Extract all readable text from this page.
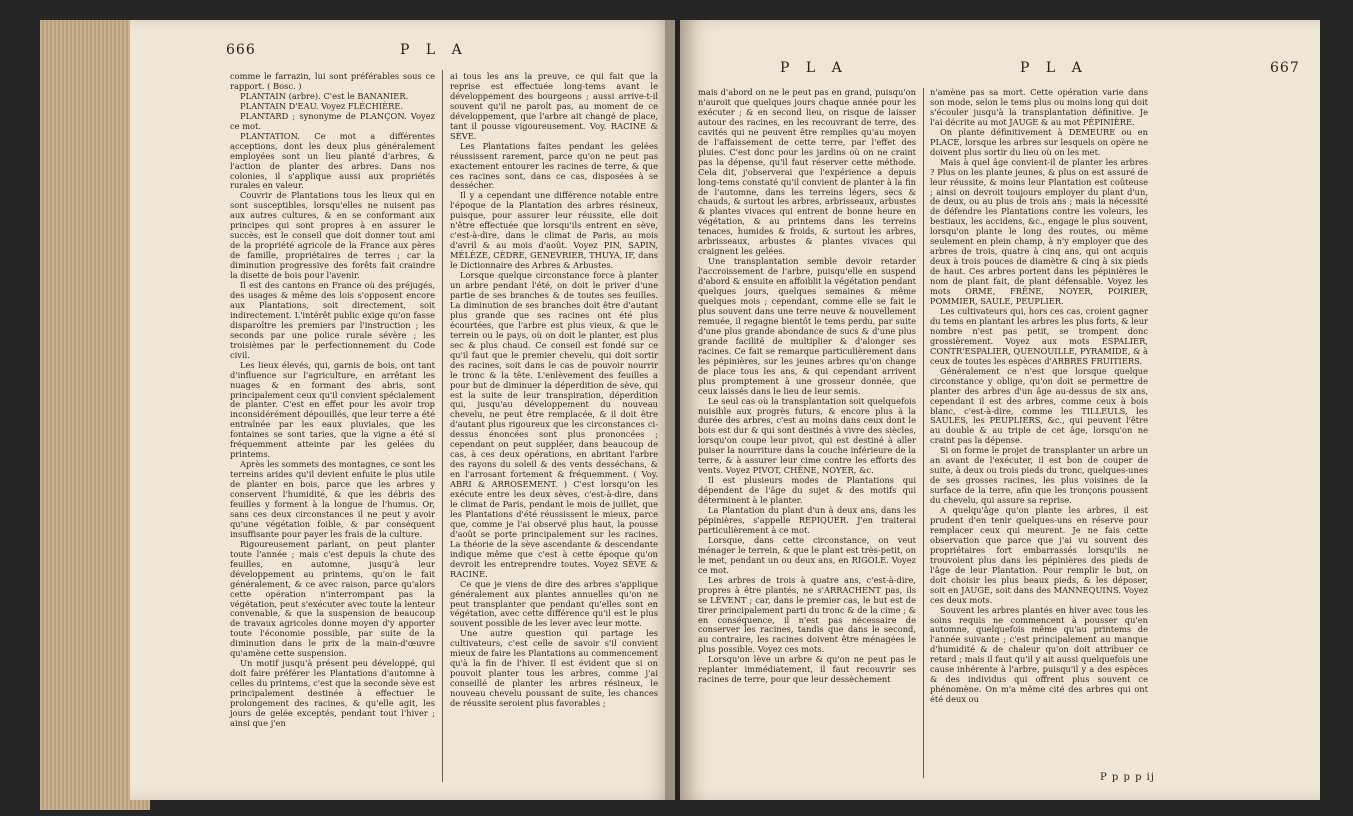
666	P L A

comme le farrazin, lui sont préférables sous ce rapport. ( Bosc. )

PLANTAIN (arbre). C'est le BANANIER.

PLANTAIN D'EAU. Voyez FLÉCHIÈRE.

PLANTARD ; synonyme de PLANÇON. Voyez ce mot.

PLANTATION. Ce mot a différentes acceptions, dont les deux plus généralement employées sont un lieu planté d'arbres, & l'action de planter des arbres. Dans nos colonies, il s'applique aussi aux propriétés rurales en valeur.

Couvrir de Plantations tous les lieux qui en sont susceptibles, lorsqu'elles ne nuisent pas aux autres cultures, & en se conformant aux principes qui sont propres à en assurer le succès, est le conseil que doit donner tout ami de la propriété agricole de la France aux pères de famille, propriétaires de terres ; car la diminution progressive des forêts fait craindre la disette de bois pour l'avenir.

Il est des cantons en France où des préjugés, des usages & même des lois s'opposent encore aux Plantations, soit directement, soit indirectement. L'intérêt public exige qu'on fasse disparoître les premiers par l'instruction ; les seconds par une police rurale sévère ; les troisièmes par le perfectionnement du Code civil.

Les lieux élevés, qui, garnis de bois, ont tant d'influence sur l'agriculture, en arrêtant les nuages & en formant des abris, sont principalement ceux qu'il convient spécialement de planter. C'est en effet pour les avoir trop inconsidérément dépouillés, que leur terre a été entraînée par les eaux pluviales, que les fontaines se sont taries, que la vigne a été si fréquemment atteinte par les gelées du printems.

Après les sommets des montagnes, ce sont les terreins arides qu'il devient enfuite le plus utile de planter en bois, parce que les arbres y conservent l'humidité, & que les débris des feuilles y forment à la longue de l'humus. Or, sans ces deux circonstances il ne peut y avoir qu'une végétation foible, & par conséquent insuffisante pour payer les frais de la culture.

Rigoureusement parlant, on peut planter toute l'année ; mais c'est depuis la chute des feuilles, en automne, jusqu'à leur développement au printems, qu'on le fait généralement, & ce avec raison, parce qu'alors cette opération n'interrompant pas la végétation, peut s'exécuter avec toute la lenteur convenable, & que la suspension de beaucoup de travaux agricoles donne moyen d'y apporter toute l'économie possible, par suite de la diminution dans le prix de la main-d'œuvre qu'amène cette suspension.

Un motif jusqu'à présent peu développé, qui doit faire préférer les Plantations d'automne à celles du printems, c'est que la seconde sève est principalement destinée à effectuer le prolongement des racines, & qu'elle agit, les jours de gelée exceptés, pendant tout l'hiver ; ainsi que j'en

ai tous les ans la preuve, ce qui fait que la reprise est effectuée long-tems avant le développement des bourgeons ; aussi arrive-t-il souvent qu'il ne paroît pas, au moment de ce développement, que l'arbre ait changé de place, tant il pousse vigoureusement. Voy. RACINE & SÈVE.

Les Plantations faites pendant les gelées réussissent rarement, parce qu'on ne peut pas exactement entourer les racines de terre, & que ces racines sont, dans ce cas, disposées à se dessécher.

Il y a cependant une différence notable entre l'époque de la Plantation des arbres résineux, puisque, pour assurer leur réussite, elle doit n'être effectuée que lorsqu'ils entrent en sève, c'est-à-dire, dans le climat de Paris, au mois d'avril & au mois d'août. Voyez PIN, SAPIN, MÉLÈZE, CÈDRE, GENEVRIER, THUYA, IF, dans le Dictionnaire des Arbres & Arbustes.

Lorsque quelque circonstance force à planter un arbre pendant l'été, on doit le priver d'une partie de ses branches & de toutes ses feuilles. La diminution de ses branches doit être d'autant plus grande que ses racines ont été plus écourtées, que l'arbre est plus vieux, & que le terrein ou le pays, où on doit le planter, est plus sec & plus chaud. Ce conseil est fondé sur ce qu'il faut que le premier chevelu, qui doit sortir des racines, soit dans le cas de pouvoir nourrir le tronc & la tête. L'enlèvement des feuilles a pour but de diminuer la déperdition de sève, qui est la suite de leur transpiration, déperdition qui, jusqu'au développement du nouveau chevelu, ne peut être remplacée, & il doit être d'autant plus rigoureux que les circonstances ci-dessus énoncées sont plus prononcées ; cependant on peut suppléer, dans beaucoup de cas, à ces deux opérations, en abritant l'arbre des rayons du soleil & des vents desséchans, & en l'arrosant fortement & fréquemment. ( Voy. ABRI & ARROSEMENT. ) C'est lorsqu'on les exécute entre les deux sèves, c'est-à-dire, dans le climat de Paris, pendant le mois de juillet, que les Plantations d'été réussissent le mieux, parce que, comme je l'ai observé plus haut, la pousse d'août se porte principalement sur les racines. La théorie de la sève ascendante & descendante indique même que c'est à cette époque qu'on devroit les entreprendre toutes. Voyez SÈVE & RACINE.

Ce que je viens de dire des arbres s'applique généralement aux plantes annuelles qu'on ne peut transplanter que pendant qu'elles sont en végétation, avec cette différence qu'il est le plus souvent possible de les lever avec leur motte.

Une autre question qui partage les cultivateurs, c'est celle de savoir s'il convient mieux de faire les Plantations au commencement qu'à la fin de l'hiver. Il est évident que si on pouvoit planter tous les arbres, comme j'ai conseillé de planter les arbres résineux, le nouveau chevelu poussant de suite, les chances de réussite seroient plus favorables ;

P L A	P L A	667

mais d'abord on ne le peut pas en grand, puisqu'on n'auroit que quelques jours chaque année pour les exécuter ; & en second lieu, on risque de laisser autour des racines, en les recouvrant de terre, des cavités qui ne peuvent être remplies qu'au moyen de l'affaissement de cette terre, par l'effet des pluies. C'est donc pour les jardins où on ne craint pas la dépense, qu'il faut réserver cette méthode. Cela dit, j'observerai que l'expérience a depuis long-tems constaté qu'il convient de planter à la fin de l'automne, dans les terreins légers, secs & chauds, & surtout les arbres, arbrisseaux, arbustes & plantes vivaces qui entrent de bonne heure en végétation, & au printems dans les terreins tenaces, humides & froids, & surtout les arbres, arbrisseaux, arbustes & plantes vivaces qui craignent les gelées.

Une transplantation semble devoir retarder l'accroissement de l'arbre, puisqu'elle en suspend d'abord & ensuite en affoiblit la végétation pendant quelques jours, quelques semaines & même quelques mois ; cependant, comme elle se fait le plus souvent dans une terre neuve & nouvellement remuée, il regagne bientôt le tems perdu, par suite d'une plus grande abondance de sucs & d'une plus grande facilité de multiplier & d'alonger ses racines. Ce fait se remarque particulièrement dans les pépinières, sur les jeunes arbres qu'on change de place tous les ans, & qui cependant arrivent plus promptement à une grosseur donnée, que ceux laissés dans le lieu de leur semis.

Le seul cas où la transplantation soit quelquefois nuisible aux progrès futurs, & encore plus à la durée des arbres, c'est au moins dans ceux dont le bois est dur & qui sont destinés à vivre des siècles, lorsqu'on coupe leur pivot, qui est destiné à aller puiser la nourriture dans la couche inférieure de la terre, & à assurer leur cime contre les efforts des vents. Voyez PIVOT, CHÊNE, NOYER, &c.

Il est plusieurs modes de Plantations qui dépendent de l'âge du sujet & des motifs qui déterminent à le planter.

La Plantation du plant d'un à deux ans, dans les pépinières, s'appelle REPIQUER. J'en traiterai particulièrement à ce mot.

Lorsque, dans cette circonstance, on veut ménager le terrein, & que le plant est très-petit, on le met, pendant un ou deux ans, en RIGOLE. Voyez ce mot.

Les arbres de trois à quatre ans, c'est-à-dire, propres à être plantés, ne s'ARRACHENT pas, ils se LÈVENT ; car, dans le premier cas, le but est de tirer principalement parti du tronc & de la cime ; & en conséquence, il n'est pas nécessaire de conserver les racines, tandis que dans le second, au contraire, les racines doivent être ménagées le plus possible. Voyez ces mots.

Lorsqu'on lève un arbre & qu'on ne peut pas le replanter immédiatement, il faut recouvrir ses racines de terre, pour que leur dessèchement

n'amène pas sa mort. Cette opération varie dans son mode, selon le tems plus ou moins long qui doit s'écouler jusqu'à la transplantation définitive. Je l'ai décrite au mot JAUGE & au mot PÉPINIÈRE.

On plante définitivement à DEMEURE ou en PLACE, lorsque les arbres sur lesquels on opère ne doivent plus sortir du lieu où on les met.

Mais à quel âge convient-il de planter les arbres ? Plus on les plante jeunes, & plus on est assuré de leur réussite, & moins leur Plantation est coûteuse ; ainsi on devroit toujours employer du plant d'un, de deux, ou au plus de trois ans ; mais la nécessité de défendre les Plantations contre les voleurs, les bestiaux, les accidens, &c., engage le plus souvent, lorsqu'on plante le long des routes, ou même seulement en plein champ, à n'y employer que des arbres de trois, quatre à cinq ans, qui ont acquis deux à trois pouces de diamètre & cinq à six pieds de haut. Ces arbres portent dans les pépinières le nom de plant fait, de plant défensable. Voyez les mots ORME, FRÊNE, NOYER, POIRIER, POMMIER, SAULE, PEUPLIER.

Les cultivateurs qui, hors ces cas, croient gagner du tems en plantant les arbres les plus forts, & leur nombre n'est pas petit, se trompent donc grossièrement. Voyez aux mots ESPALIER, CONTR'ESPALIER, QUENOUILLE, PYRAMIDE, & à ceux de toutes les espèces d'ARBRES FRUITIERS.

Généralement ce n'est que lorsque quelque circonstance y oblige, qu'on doit se permettre de planter des arbres d'un âge au-dessus de six ans, cependant il est des arbres, comme ceux à bois blanc, c'est-à-dire, comme les TILLEULS, les SAULES, les PEUPLIERS, &c., qui peuvent l'être au double & au triple de cet âge, lorsqu'on ne craint pas la dépense.

Si on forme le projet de transplanter un arbre un an avant de l'exécuter, il est bon de couper de suite, à deux ou trois pieds du tronc, quelques-unes de ses grosses racines, les plus voisines de la surface de la terre, afin que les tronçons poussent du chevelu, qui assure sa reprise.

A quelqu'âge qu'on plante les arbres, il est prudent d'en tenir quelques-uns en réserve pour remplacer ceux qui meurent. Je ne fais cette observation que parce que j'ai vu souvent des propriétaires fort embarrassés lorsqu'ils ne trouvoient plus dans les pépinières des pieds de l'âge de leur Plantation. Pour remplir le but, on doit choisir les plus beaux pieds, & les déposer, soit en JAUGE, soit dans des MANNEQUINS. Voyez ces deux mots.

Souvent les arbres plantés en hiver avec tous les soins requis ne commencent à pousser qu'en automne, quelquefois même qu'au printems de l'année suivante ; c'est principalement au manque d'humidité & de chaleur qu'on doit attribuer ce retard ; mais il faut qu'il y ait aussi quelquefois une cause inhérente à l'arbre, puisqu'il y a des espèces & des individus qui offrent plus souvent ce phénomène. On m'a même cité des arbres qui ont été deux ou

P p p p ij
